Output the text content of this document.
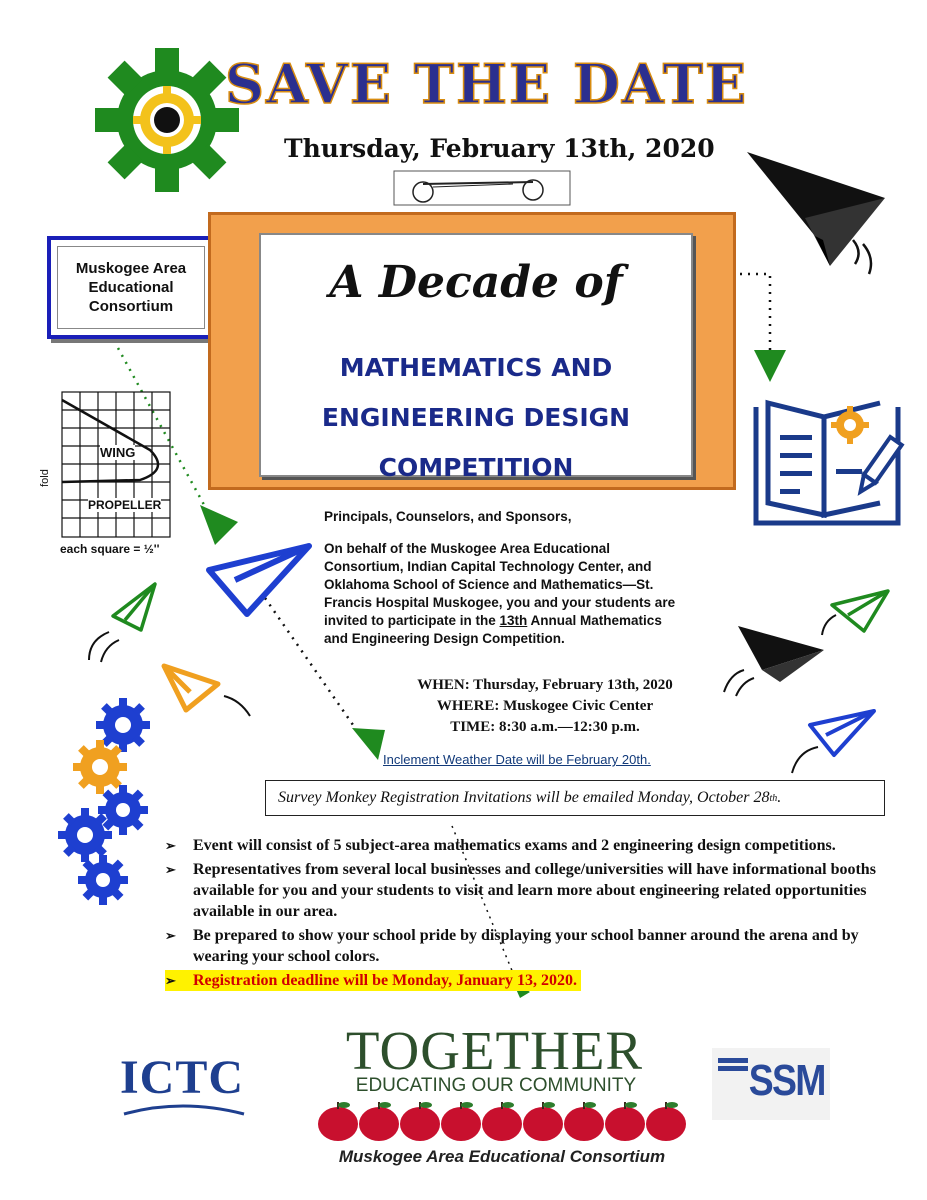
SAVE THE DATE
Thursday, February 13th, 2020
Muskogee Area
Educational
Consortium
WING
PROPELLER
fold
each square = ½''
A Decade of
MATHEMATICS AND
ENGINEERING DESIGN
COMPETITION

Principals, Counselors, and Sponsors,

On behalf of the Muskogee Area Educational Consortium, Indian Capital Technology Center, and Oklahoma School of Science and Mathematics—St. Francis Hospital Muskogee, you and your students are invited to participate in the 13th Annual Mathematics and Engineering Design Competition.

WHEN: Thursday, February 13th, 2020
WHERE: Muskogee Civic Center
TIME: 8:30 a.m.—12:30 p.m.
Inclement Weather Date will be February 20th.
Survey Monkey Registration Invitations will be emailed Monday, October 28 th .
➢ Event will consist of 5 subject-area mathematics exams and 2 engineering design competitions.
➢ Representatives from several local businesses and college/universities will have informational booths available for you and your students to visit and learn more about engineering related opportunities available in our area.
➢ Be prepared to show your school pride by displaying your school banner around the arena and by wearing your school colors.
➢ Registration deadline will be Monday, January 13, 2020.
ICTC	TOGETHER
EDUCATING OUR COMMUNITY
Muskogee Area Educational Consortium
SSM
